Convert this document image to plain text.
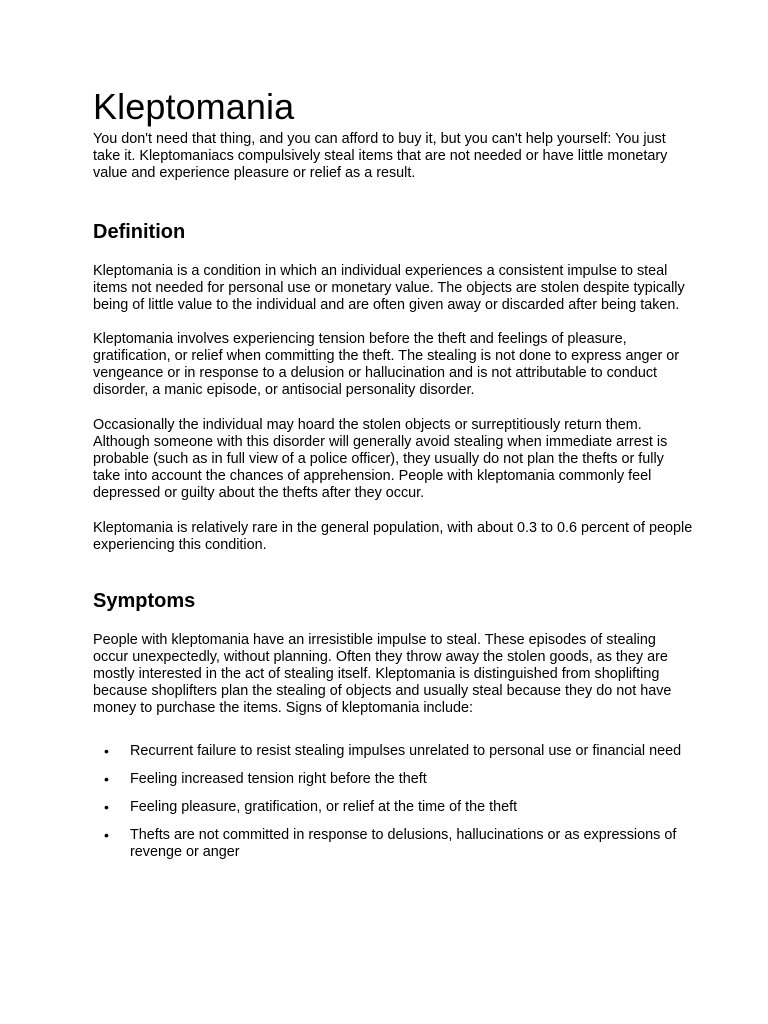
Kleptomania

You don't need that thing, and you can afford to buy it, but you can't help yourself: You just take it. Kleptomaniacs compulsively steal items that are not needed or have little monetary value and experience pleasure or relief as a result.

Definition

Kleptomania is a condition in which an individual experiences a consistent impulse to steal items not needed for personal use or monetary value. The objects are stolen despite typically being of little value to the individual and are often given away or discarded after being taken.

Kleptomania involves experiencing tension before the theft and feelings of pleasure, gratification, or relief when committing the theft. The stealing is not done to express anger or vengeance or in response to a delusion or hallucination and is not attributable to conduct disorder, a manic episode, or antisocial personality disorder.

Occasionally the individual may hoard the stolen objects or surreptitiously return them. Although someone with this disorder will generally avoid stealing when immediate arrest is probable (such as in full view of a police officer), they usually do not plan the thefts or fully take into account the chances of apprehension. People with kleptomania commonly feel depressed or guilty about the thefts after they occur.

Kleptomania is relatively rare in the general population, with about 0.3 to 0.6 percent of people experiencing this condition.

Symptoms

People with kleptomania have an irresistible impulse to steal. These episodes of stealing occur unexpectedly, without planning. Often they throw away the stolen goods, as they are mostly interested in the act of stealing itself. Kleptomania is distinguished from shoplifting because shoplifters plan the stealing of objects and usually steal because they do not have money to purchase the items. Signs of kleptomania include:

• Recurrent failure to resist stealing impulses unrelated to personal use or financial need
• Feeling increased tension right before the theft
• Feeling pleasure, gratification, or relief at the time of the theft
• Thefts are not committed in response to delusions, hallucinations or as expressions of revenge or anger
